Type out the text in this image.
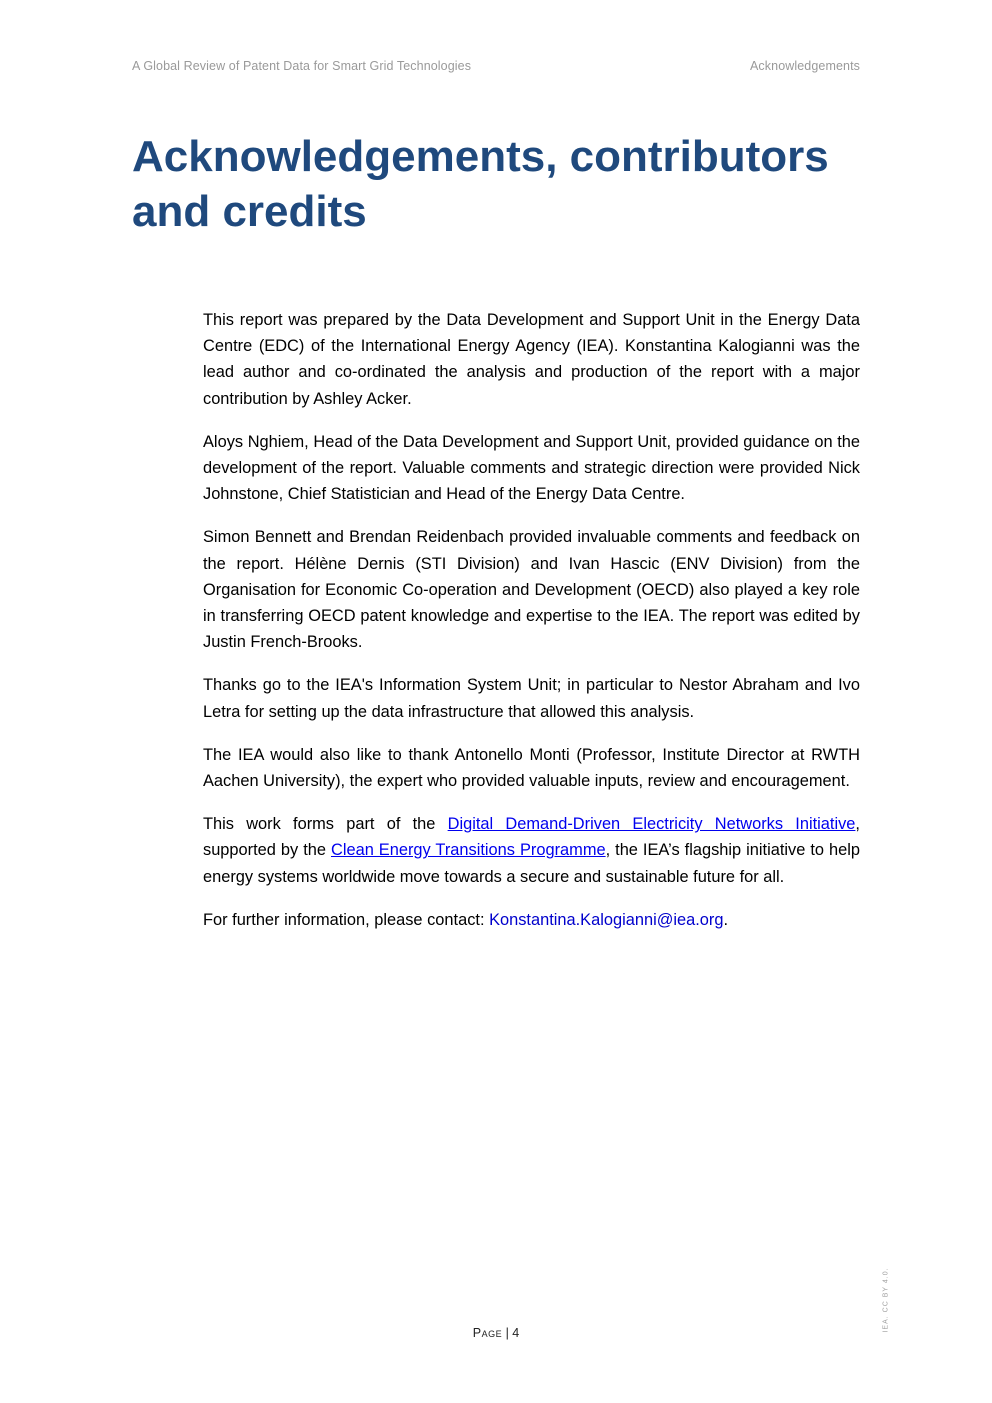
A Global Review of Patent Data for Smart Grid Technologies	Acknowledgements
Acknowledgements, contributors
and credits

This report was prepared by the Data Development and Support Unit in the Energy Data Centre (EDC) of the International Energy Agency (IEA). Konstantina Kalogianni was the lead author and co-ordinated the analysis and production of the report with a major contribution by Ashley Acker.

Aloys Nghiem, Head of the Data Development and Support Unit, provided guidance on the development of the report. Valuable comments and strategic direction were provided Nick Johnstone, Chief Statistician and Head of the Energy Data Centre.

Simon Bennett and Brendan Reidenbach provided invaluable comments and feedback on the report. Hélène Dernis (STI Division) and Ivan Hascic (ENV Division) from the Organisation for Economic Co-operation and Development (OECD) also played a key role in transferring OECD patent knowledge and expertise to the IEA. The report was edited by Justin French-Brooks.

Thanks go to the IEA's Information System Unit; in particular to Nestor Abraham and Ivo Letra for setting up the data infrastructure that allowed this analysis.

The IEA would also like to thank Antonello Monti (Professor, Institute Director at RWTH Aachen University), the expert who provided valuable inputs, review and encouragement.

This work forms part of the Digital Demand-Driven Electricity Networks Initiative, supported by the Clean Energy Transitions Programme, the IEA’s flagship initiative to help energy systems worldwide move towards a secure and sustainable future for all.

For further information, please contact: Konstantina.Kalogianni@iea.org.

Page | 4
IEA. CC BY 4.0.
